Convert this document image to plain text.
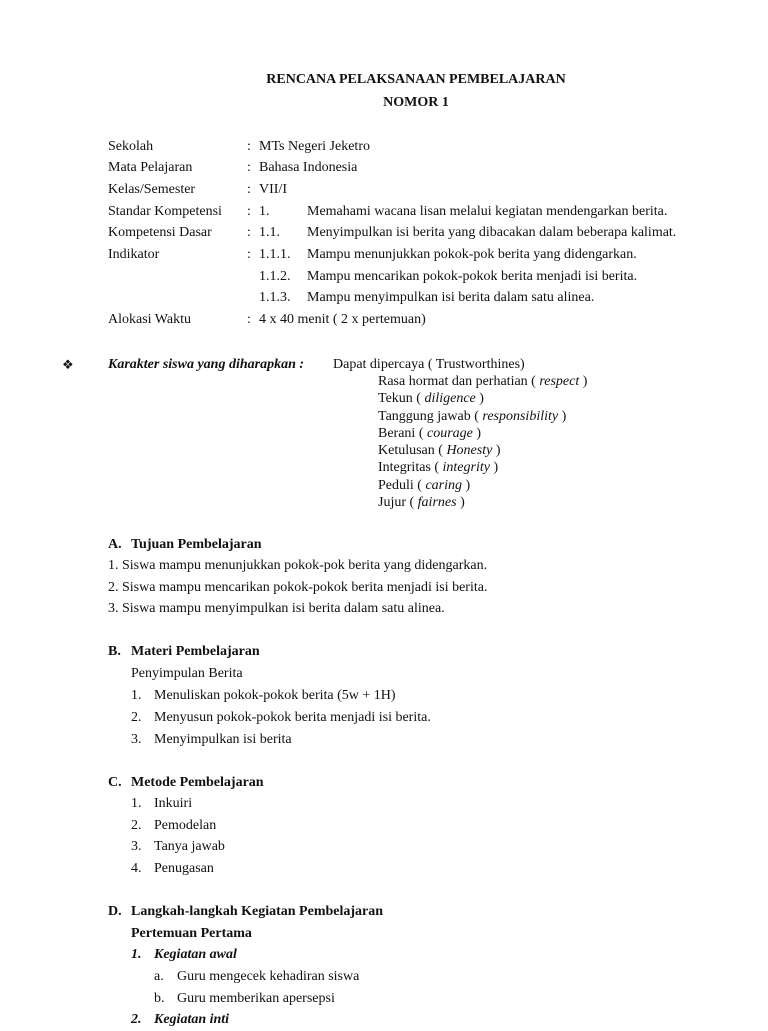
RENCANA PELAKSANAAN PEMBELAJARAN
NOMOR 1
Sekolah	: MTs Negeri Jeketro
Mata Pelajaran	: Bahasa Indonesia
Kelas/Semester	: VII/I
Standar Kompetensi : 1.	Memahami wacana lisan melalui kegiatan mendengarkan berita.
Kompetensi Dasar	: 1.1. Menyimpulkan isi berita yang dibacakan dalam beberapa kalimat.
Indikator	: 1.1.1. Mampu menunjukkan pokok-pok berita yang didengarkan.
1.1.2. Mampu mencarikan pokok-pokok berita menjadi isi berita.
1.1.3. Mampu menyimpulkan isi berita dalam satu alinea.
Alokasi Waktu	: 4 x 40 menit ( 2 x pertemuan)
❖ Karakter siswa yang diharapkan : Dapat dipercaya ( Trustworthines)
Rasa hormat dan perhatian ( respect )
Tekun ( diligence )
Tanggung jawab ( responsibility )
Berani ( courage )
Ketulusan ( Honesty )
Integritas ( integrity )
Peduli ( caring )
Jujur ( fairnes )
A. Tujuan Pembelajaran
1. Siswa mampu menunjukkan pokok-pok berita yang didengarkan.
2. Siswa mampu mencarikan pokok-pokok berita menjadi isi berita.
3. Siswa mampu menyimpulkan isi berita dalam satu alinea.
B. Materi Pembelajaran
Penyimpulan Berita
1. Menuliskan pokok-pokok berita (5w + 1H)
2. Menyusun pokok-pokok berita menjadi isi berita.
3. Menyimpulkan isi berita
C. Metode Pembelajaran
1. Inkuiri
2. Pemodelan
3. Tanya jawab
4. Penugasan
D. Langkah-langkah Kegiatan Pembelajaran
Pertemuan Pertama
1. Kegiatan awal
a. Guru mengecek kehadiran siswa
b. Guru memberikan apersepsi
2. Kegiatan inti
